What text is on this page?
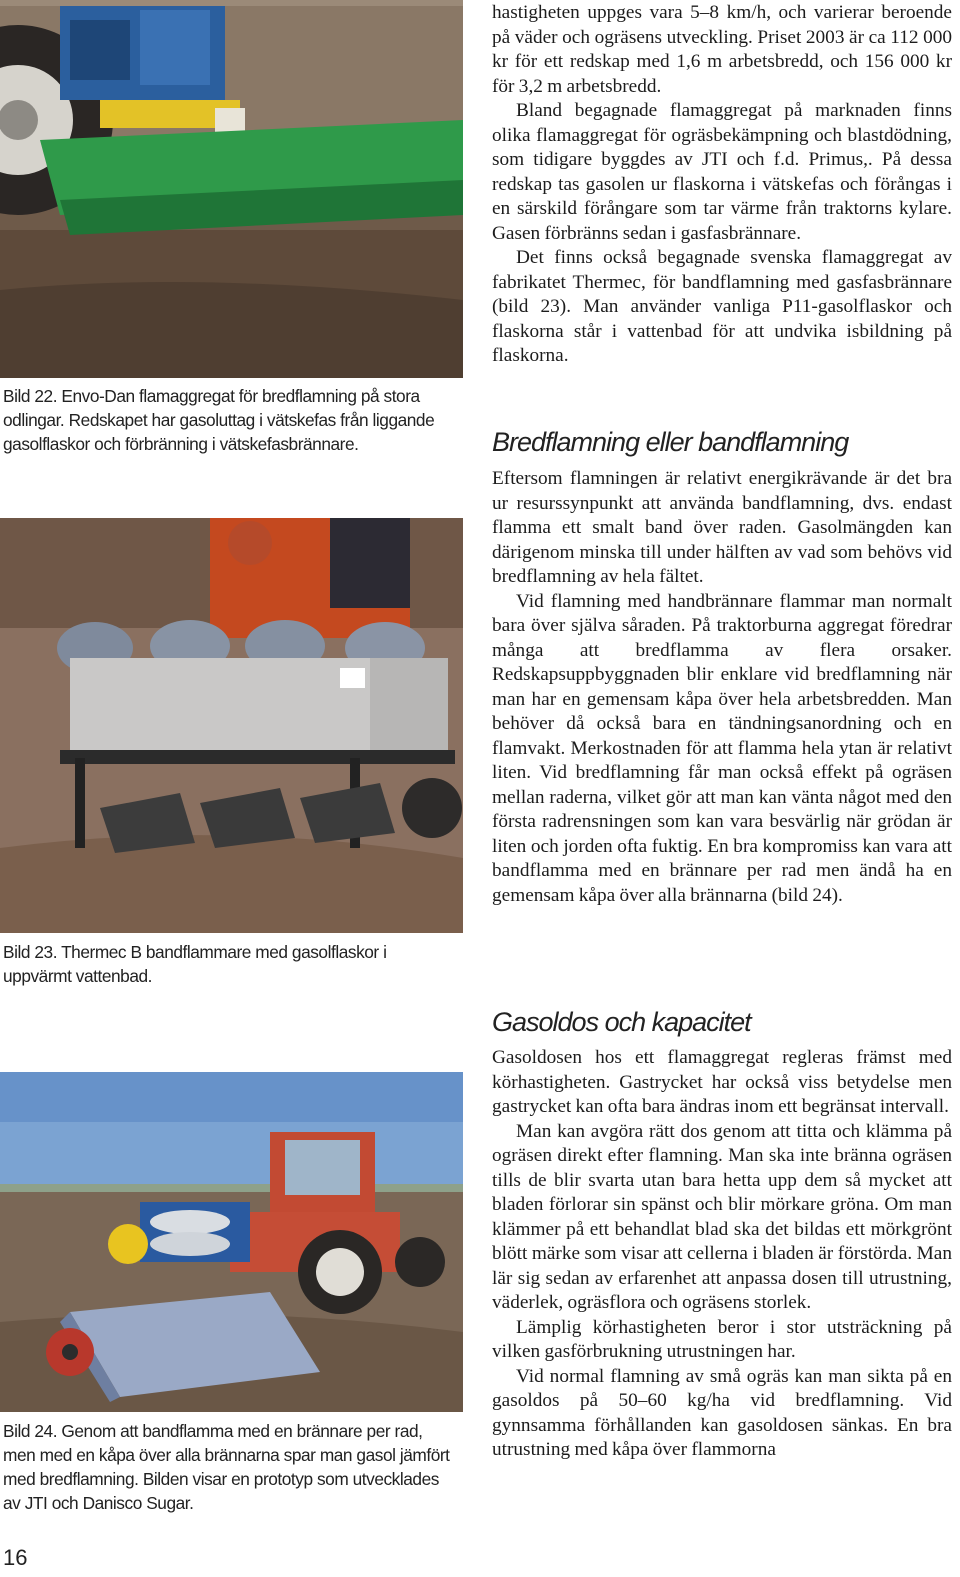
Bild 22. Envo-Dan flamaggregat för bredflamning på stora odlingar. Redskapet har gasoluttag i vätskefas från liggande gasolflaskor och förbränning i vätskefasbrännare.
Bild 23. Thermec B bandflammare med gasolflaskor i uppvärmt vattenbad.
Bild 24. Genom att bandflamma med en brännare per rad, men med en kåpa över alla brännarna spar man gasol jämfört med bredflamning. Bilden visar en prototyp som utvecklades av JTI och Danisco Sugar.
16

hastigheten uppges vara 5–8 km/h, och varierar beroende på väder och ogräsens utveckling. Priset 2003 är ca 112 000 kr för ett redskap med 1,6 m arbetsbredd, och 156 000 kr för 3,2 m arbetsbredd.

Bland begagnade flamaggregat på marknaden finns olika flamaggregat för ogräsbekämpning och blastdödning, som tidigare byggdes av JTI och f.d. Primus,. På dessa redskap tas gasolen ur flaskorna i vätskefas och förångas i en särskild förångare som tar värme från traktorns kylare. Gasen förbränns sedan i gasfasbrännare.

Det finns också begagnade svenska flamaggregat av fabrikatet Thermec, för bandflamning med gasfasbrännare (bild 23). Man använder vanliga P11-gasolflaskor och flaskorna står i vattenbad för att undvika isbildning på flaskorna.

Bredflamning eller bandflamning

Eftersom flamningen är relativt energikrävande är det bra ur resurssynpunkt att använda bandflamning, dvs. endast flamma ett smalt band över raden. Gasolmängden kan därigenom minska till under hälften av vad som behövs vid bredflamning av hela fältet.

Vid flamning med handbrännare flammar man normalt bara över själva såraden. På traktorburna aggregat föredrar många att bredflamma av flera orsaker. Redskapsuppbyggnaden blir enklare vid bredflamning när man har en gemensam kåpa över hela arbetsbredden. Man behöver då också bara en tändningsanordning och en flamvakt. Merkostnaden för att flamma hela ytan är relativt liten. Vid bredflamning får man också effekt på ogräsen mellan raderna, vilket gör att man kan vänta något med den första radrensningen som kan vara besvärlig när grödan är liten och jorden ofta fuktig. En bra kompromiss kan vara att bandflamma med en brännare per rad men ändå ha en gemensam kåpa över alla brännarna (bild 24).

Gasoldos och kapacitet

Gasoldosen hos ett flamaggregat regleras främst med körhastigheten. Gastrycket har också viss betydelse men gastrycket kan ofta bara ändras inom ett begränsat intervall.

Man kan avgöra rätt dos genom att titta och klämma på ogräsen direkt efter flamning. Man ska inte bränna ogräsen tills de blir svarta utan bara hetta upp dem så mycket att bladen förlorar sin spänst och blir mörkare gröna. Om man klämmer på ett behandlat blad ska det bildas ett mörkgrönt blött märke som visar att cellerna i bladen är förstörda. Man lär sig sedan av erfarenhet att anpassa dosen till utrustning, väderlek, ogräsflora och ogräsens storlek.

Lämplig körhastigheten beror i stor utsträckning på vilken gasförbrukning utrustningen har.

Vid normal flamning av små ogräs kan man sikta på en gasoldos på 50–60 kg/ha vid bredflamning. Vid gynnsamma förhållanden kan gasoldosen sänkas. En bra utrustning med kåpa över flammorna
